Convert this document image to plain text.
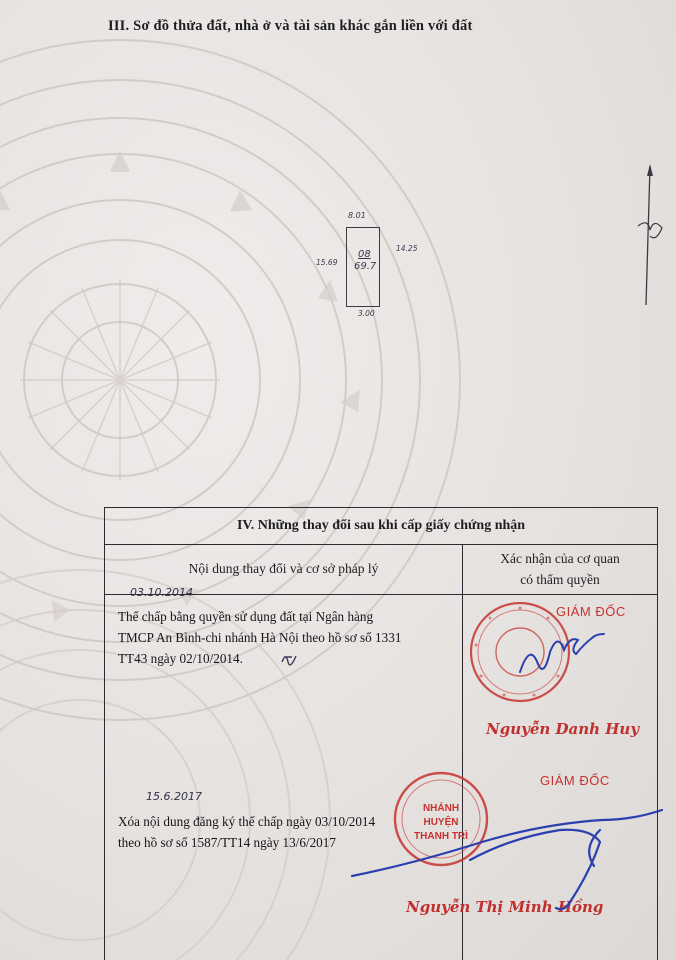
III. Sơ đồ thửa đất, nhà ở và tài sản khác gắn liền với đất
8.01
15.69
14.25
3.00
08
69.7
IV. Những thay đổi sau khi cấp giấy chứng nhận
Nội dung thay đổi và cơ sở pháp lý
Xác nhận của cơ quan
có thẩm quyền
03.10.2014
Thế chấp bằng quyền sử dụng đất tại Ngân hàng
TMCP An Bình-chi nhánh Hà Nội theo hồ sơ số 1331
TT43 ngày 02/10/2014.
15.6.2017
Xóa nội dung đăng ký thế chấp ngày 03/10/2014
theo hồ sơ số 1587/TT14 ngày 13/6/2017
GIÁM ĐỐC
Nguyễn Danh Huy
NHÁNH
HUYỆN
THANH TRÌ
GIÁM ĐỐC
Nguyễn Thị Minh Hồng
